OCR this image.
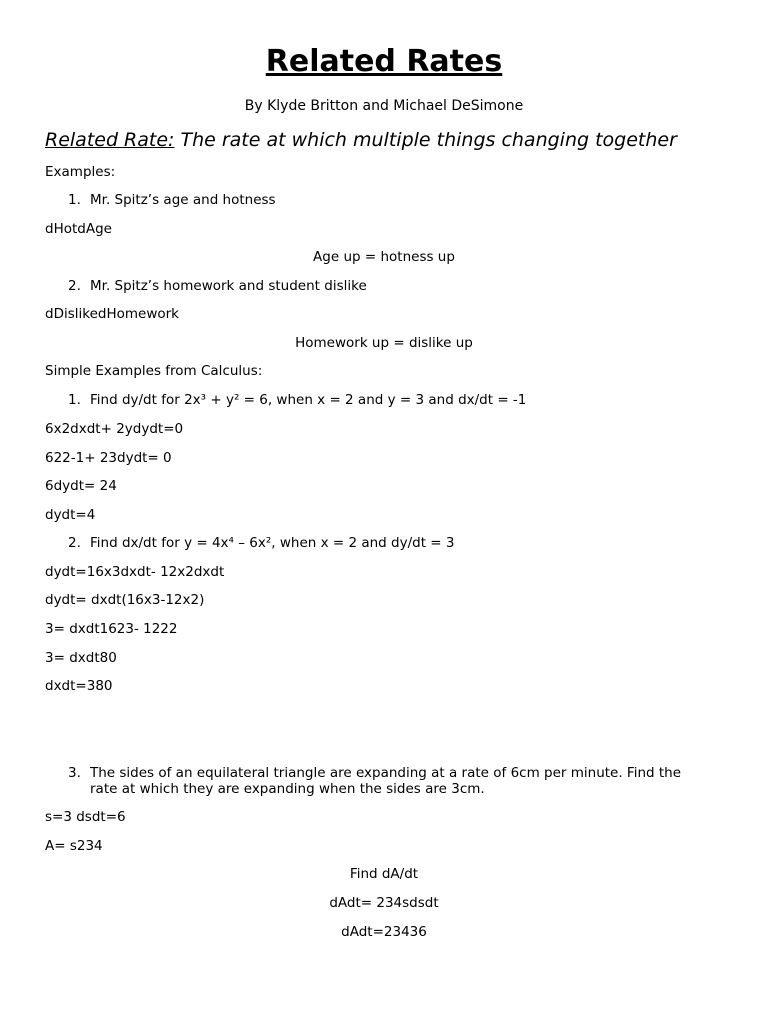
Related Rates
By Klyde Britton and Michael DeSimone
Related Rate: The rate at which multiple things changing together
Examples:
1. Mr. Spitz’s age and hotness
dHotdAge
Age up = hotness up
2. Mr. Spitz’s homework and student dislike
dDislikedHomework
Homework up = dislike up
Simple Examples from Calculus:
1. Find dy/dt for 2x³ + y² = 6, when x = 2 and y = 3 and dx/dt = -1
6x2dxdt+ 2ydydt=0
622-1+ 23dydt= 0
6dydt= 24
dydt=4
2. Find dx/dt for y = 4x⁴ – 6x², when x = 2 and dy/dt = 3
dydt=16x3dxdt- 12x2dxdt
dydt= dxdt(16x3-12x2)
3= dxdt1623- 1222
3= dxdt80
dxdt=380
3. The sides of an equilateral triangle are expanding at a rate of 6cm per minute. Find the rate at which they are expanding when the sides are 3cm.
s=3 dsdt=6
A= s234
Find dA/dt
dAdt= 234sdsdt
dAdt=23436
